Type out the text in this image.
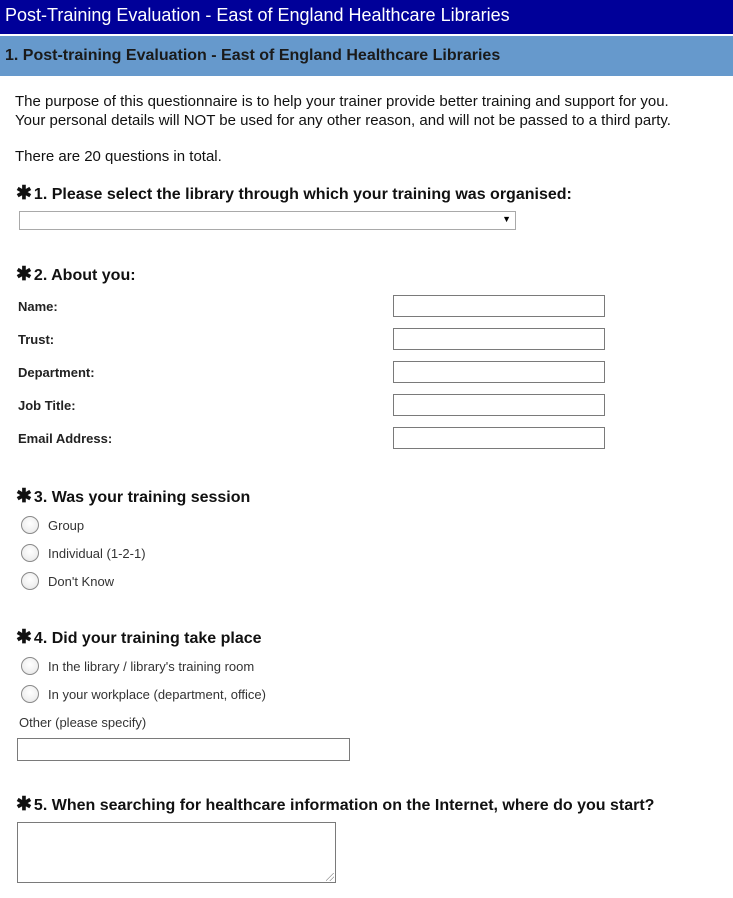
Post-Training Evaluation - East of England Healthcare Libraries
1. Post-training Evaluation - East of England Healthcare Libraries

The purpose of this questionnaire is to help your trainer provide better training and support for you.

Your personal details will NOT be used for any other reason, and will not be passed to a third party.

There are 20 questions in total.
✱ 1. Please select the library through which your training was organised:
▼
✱ 2. About you:
Name:
Trust:
Department:
Job Title:
Email Address:
✱ 3. Was your training session
Group
Individual (1-2-1)
Don't Know
✱ 4. Did your training take place
In the library / library's training room
In your workplace (department, office)
Other (please specify)
✱ 5. When searching for healthcare information on the Internet, where do you start?
